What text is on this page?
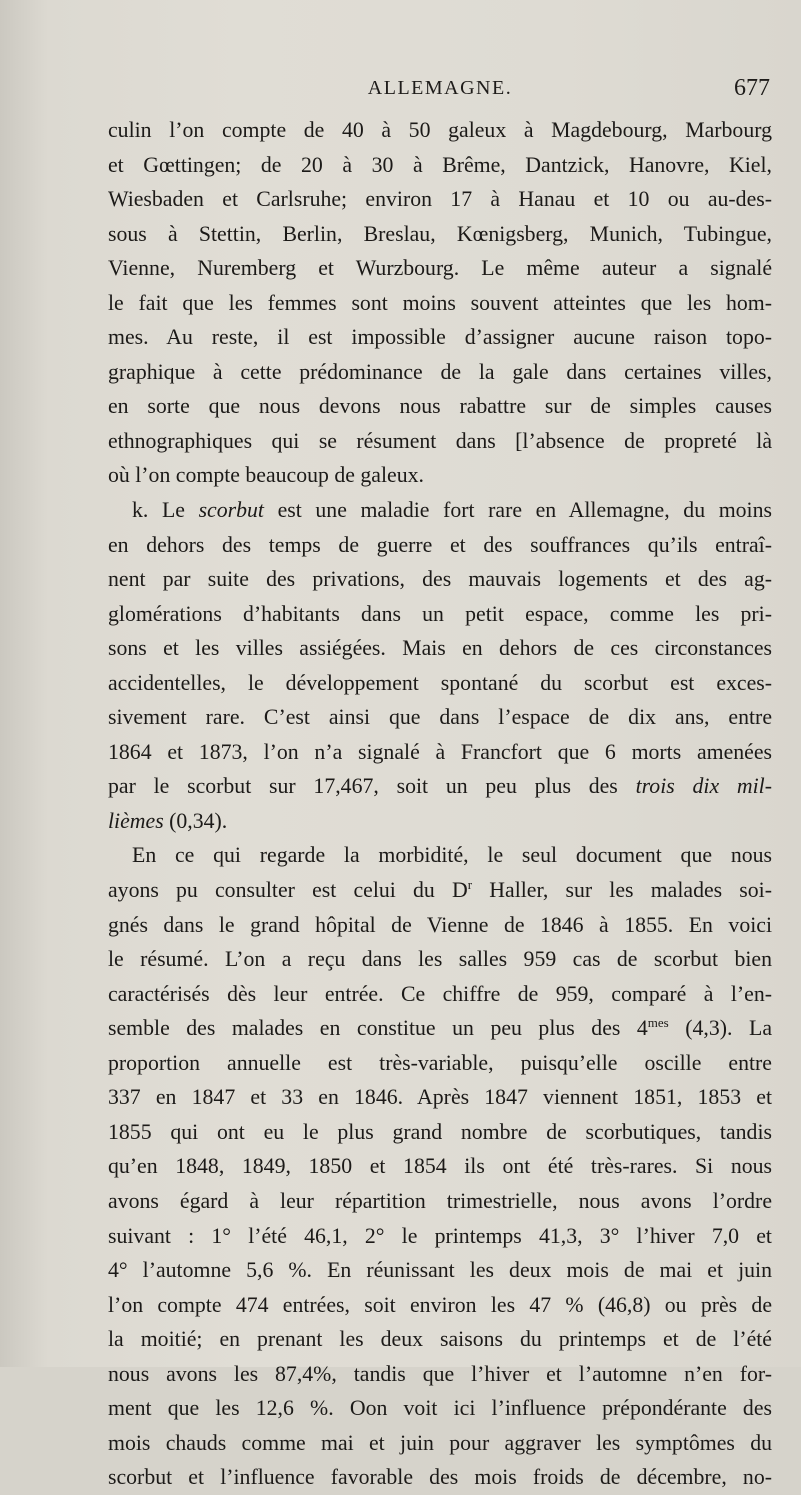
ALLEMAGNE.	677
culin l’on compte de 40 à 50 galeux à Magdebourg, Marbourg
et Gœttingen; de 20 à 30 à Brême, Dantzick, Hanovre, Kiel,
Wiesbaden et Carlsruhe; environ 17 à Hanau et 10 ou au-des-
sous à Stettin, Berlin, Breslau, Kœnigsberg, Munich, Tubingue,
Vienne, Nuremberg et Wurzbourg. Le même auteur a signalé
le fait que les femmes sont moins souvent atteintes que les hom-
mes. Au reste, il est impossible d’assigner aucune raison topo-
graphique à cette prédominance de la gale dans certaines villes,
en sorte que nous devons nous rabattre sur de simples causes
ethnographiques qui se résument dans [l’absence de propreté là
où l’on compte beaucoup de galeux.
k. Le scorbut est une maladie fort rare en Allemagne, du moins
en dehors des temps de guerre et des souffrances qu’ils entraî-
nent par suite des privations, des mauvais logements et des ag-
glomérations d’habitants dans un petit espace, comme les pri-
sons et les villes assiégées. Mais en dehors de ces circonstances
accidentelles, le développement spontané du scorbut est exces-
sivement rare. C’est ainsi que dans l’espace de dix ans, entre
1864 et 1873, l’on n’a signalé à Francfort que 6 morts amenées
par le scorbut sur 17,467, soit un peu plus des trois dix mil-
lièmes (0,34).
En ce qui regarde la morbidité, le seul document que nous
ayons pu consulter est celui du $D^r$ Haller, sur les malades soi-
gnés dans le grand hôpital de Vienne de 1846 à 1855. En voici
le résumé. L’on a reçu dans les salles 959 cas de scorbut bien
caractérisés dès leur entrée. Ce chiffre de 959, comparé à l’en-
semble des malades en constitue un peu plus des $4^{mes}$ (4,3). La
proportion annuelle est très-variable, puisqu’elle oscille entre
337 en 1847 et 33 en 1846. Après 1847 viennent 1851, 1853 et
1855 qui ont eu le plus grand nombre de scorbutiques, tandis
qu’en 1848, 1849, 1850 et 1854 ils ont été très-rares. Si nous
avons égard à leur répartition trimestrielle, nous avons l’ordre
suivant : 1° l’été 46,1, 2° le printemps 41,3, 3° l’hiver 7,0 et
4° l’automne 5,6 %. En réunissant les deux mois de mai et juin
l’on compte 474 entrées, soit environ les 47 % (46,8) ou près de
la moitié; en prenant les deux saisons du printemps et de l’été
nous avons les 87,4%, tandis que l’hiver et l’automne n’en for-
ment que les 12,6 %. Oon voit ici l’influence prépondérante des
mois chauds comme mai et juin pour aggraver les symptômes du
scorbut et l’influence favorable des mois froids de décembre, no-
